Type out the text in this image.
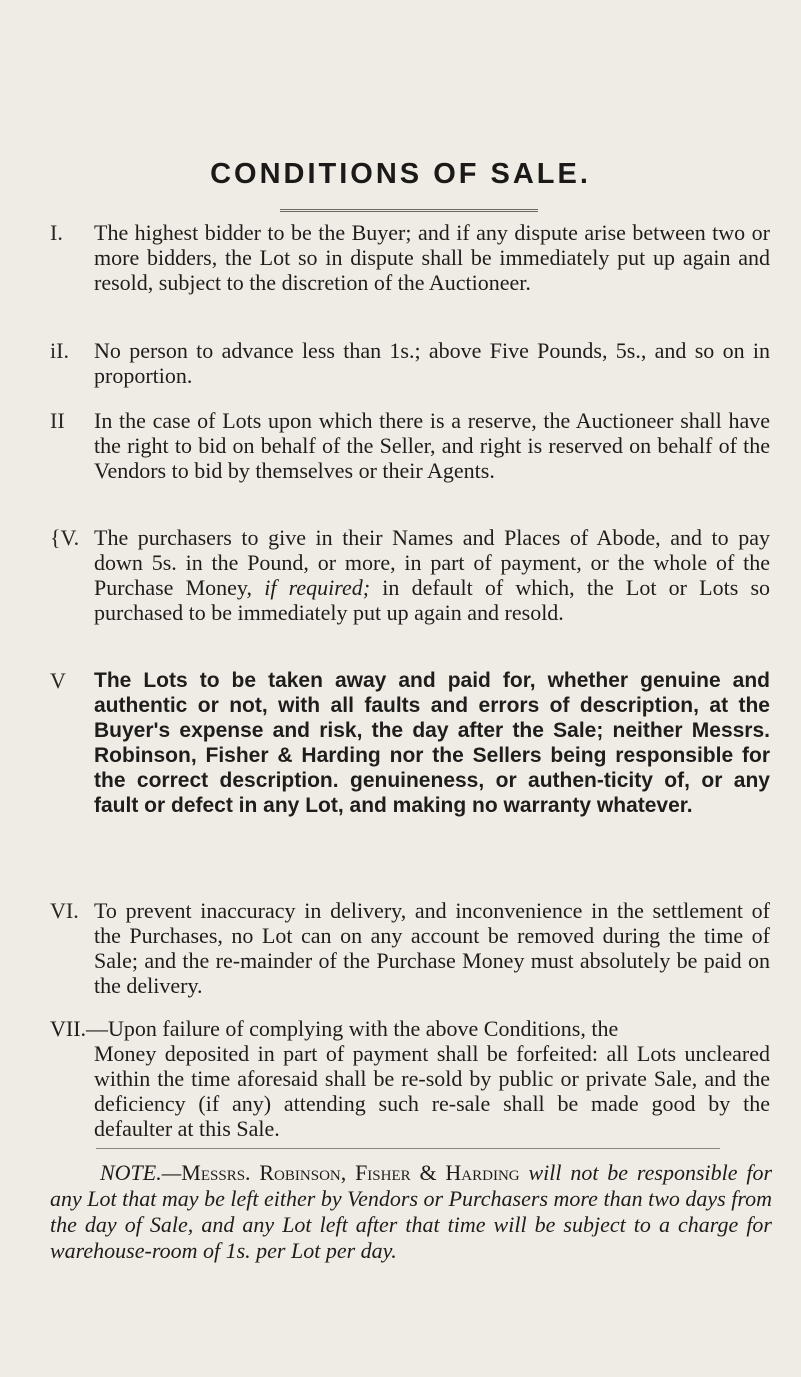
CONDITIONS OF SALE.
I. The highest bidder to be the Buyer; and if any dispute arise between two or more bidders, the Lot so in dispute shall be immediately put up again and resold, subject to the discretion of the Auctioneer.
iI. No person to advance less than 1s.; above Five Pounds, 5s., and so on in proportion.
II In the case of Lots upon which there is a reserve, the Auctioneer shall have the right to bid on behalf of the Seller, and right is reserved on behalf of the Vendors to bid by themselves or their Agents.
{V. The purchasers to give in their Names and Places of Abode, and to pay down 5s. in the Pound, or more, in part of payment, or the whole of the Purchase Money, if required; in default of which, the Lot or Lots so purchased to be immediately put up again and resold.
V The Lots to be taken away and paid for, whether genuine and authentic or not, with all faults and errors of description, at the Buyer's expense and risk, the day after the Sale; neither Messrs. Robinson, Fisher & Harding nor the Sellers being responsible for the correct description. genuineness, or authen-ticity of, or any fault or defect in any Lot, and making no warranty whatever.
VI. To prevent inaccuracy in delivery, and inconvenience in the settlement of the Purchases, no Lot can on any account be removed during the time of Sale; and the re-mainder of the Purchase Money must absolutely be paid on the delivery.
VII.—Upon failure of complying with the above Conditions, the
Money deposited in part of payment shall be forfeited: all Lots uncleared within the time aforesaid shall be re-sold by public or private Sale, and the deficiency (if any) attending such re-sale shall be made good by the defaulter at this Sale.
NOTE.—Messrs. Robinson, Fisher & Harding will not be responsible for any Lot that may be left either by Vendors or Purchasers more than two days from the day of Sale, and any Lot left after that time will be subject to a charge for warehouse-room of 1s. per Lot per day.
